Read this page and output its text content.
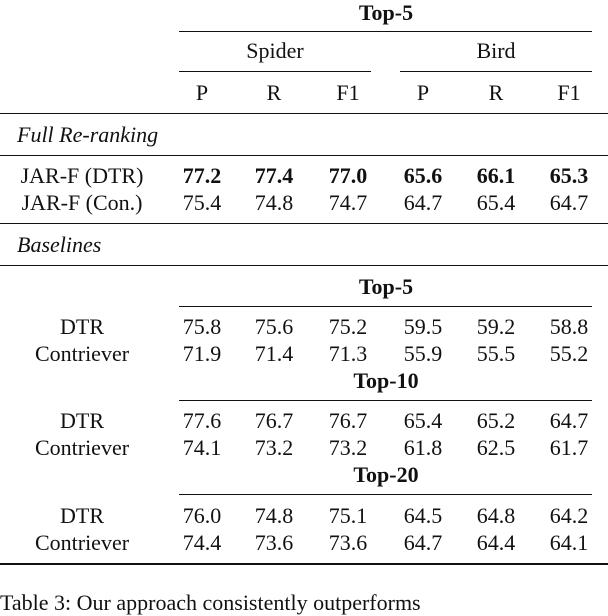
Top-5
Spider	Bird
P	R	F1	P	R F1
Full Re-ranking
JAR-F (DTR) 77.2 77.4 77.0 65.6 66.1 65.3
JAR-F (Con.) 75.4 74.8 74.7 64.7 65.4 64.7
Baselines
Top-5
DTR	75.8 75.6 75.2 59.5 59.2 58.8
Contriever 71.9 71.4 71.3 55.9 55.5 55.2
Top-10
DTR	77.6 76.7 76.7 65.4 65.2 64.7
Contriever 74.1 73.2 73.2 61.8 62.5 61.7
Top-20
DTR	76.0 74.8 75.1 64.5 64.8 64.2
Contriever 74.4 73.6 73.6 64.7 64.4 64.1
Table 3: Our approach consistently outperforms
